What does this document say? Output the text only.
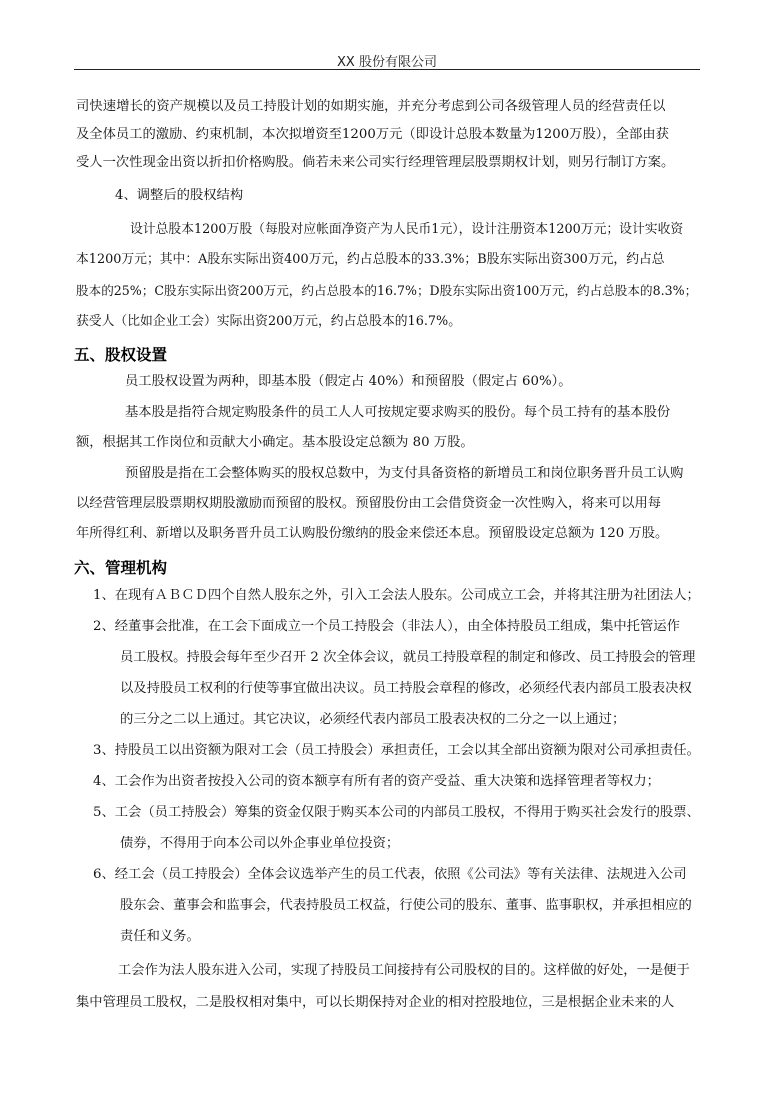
XX 股份有限公司
司快速增长的资产规模以及员工持股计划的如期实施，并充分考虑到公司各级管理人员的经营责任以
及全体员工的激励、约束机制，本次拟增资至1200万元（即设计总股本数量为1200万股），全部由获
受人一次性现金出资以折扣价格购股。倘若未来公司实行经理管理层股票期权计划，则另行制订方案。
4、调整后的股权结构
设计总股本1200万股（每股对应帐面净资产为人民币1元），设计注册资本1200万元；设计实收资
本1200万元；其中：A股东实际出资400万元，约占总股本的33.3%；B股东实际出资300万元，约占总
股本的25%；C股东实际出资200万元，约占总股本的16.7%；D股东实际出资100万元，约占总股本的8.3%；
获受人（比如企业工会）实际出资200万元，约占总股本的16.7%。
五、股权设置
员工股权设置为两种，即基本股（假定占 40%）和预留股（假定占 60%）。
基本股是指符合规定购股条件的员工人人可按规定要求购买的股份。每个员工持有的基本股份
额，根据其工作岗位和贡献大小确定。基本股设定总额为 80 万股。
预留股是指在工会整体购买的股权总数中，为支付具备资格的新增员工和岗位职务晋升员工认购
以经营管理层股票期权期股激励而预留的股权。预留股份由工会借贷资金一次性购入，将来可以用每
年所得红利、新增以及职务晋升员工认购股份缴纳的股金来偿还本息。预留股设定总额为 120 万股。
六、管理机构
1、在现有ＡＢＣＤ四个自然人股东之外，引入工会法人股东。公司成立工会，并将其注册为社团法人；
2、经董事会批准，在工会下面成立一个员工持股会（非法人），由全体持股员工组成，集中托管运作
员工股权。持股会每年至少召开 2 次全体会议，就员工持股章程的制定和修改、员工持股会的管理
以及持股员工权利的行使等事宜做出决议。员工持股会章程的修改，必须经代表内部员工股表决权
的三分之二以上通过。其它决议，必须经代表内部员工股表决权的二分之一以上通过；
3、持股员工以出资额为限对工会（员工持股会）承担责任，工会以其全部出资额为限对公司承担责任。
4、工会作为出资者按投入公司的资本额享有所有者的资产受益、重大决策和选择管理者等权力；
5、工会（员工持股会）筹集的资金仅限于购买本公司的内部员工股权，不得用于购买社会发行的股票、
债券，不得用于向本公司以外企事业单位投资；
6、经工会（员工持股会）全体会议选举产生的员工代表，依照《公司法》等有关法律、法规进入公司
股东会、董事会和监事会，代表持股员工权益，行使公司的股东、董事、监事职权，并承担相应的
责任和义务。
工会作为法人股东进入公司，实现了持股员工间接持有公司股权的目的。这样做的好处，一是便于
集中管理员工股权，二是股权相对集中，可以长期保持对企业的相对控股地位，三是根据企业未来的人
